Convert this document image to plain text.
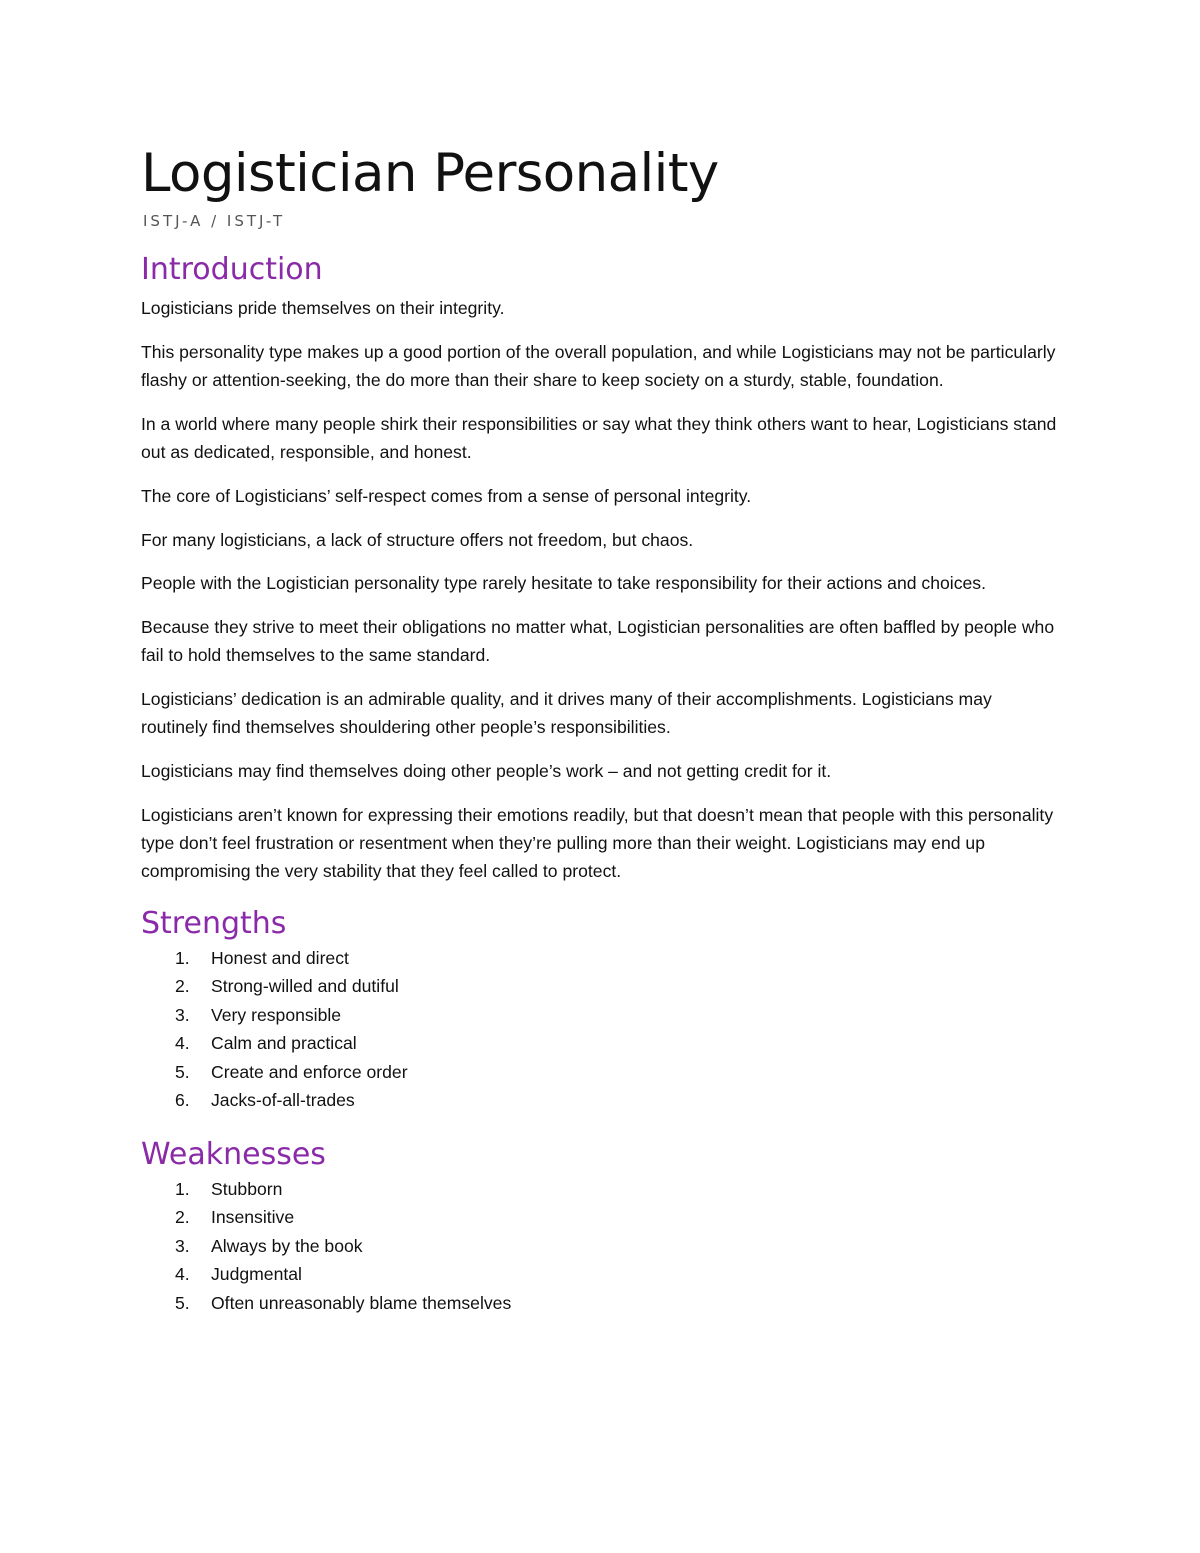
Logistician Personality
ISTJ-A / ISTJ-T
Introduction

Logisticians pride themselves on their integrity.

This personality type makes up a good portion of the overall population, and while Logisticians may not be particularly flashy or attention-seeking, the do more than their share to keep society on a sturdy, stable, foundation.

In a world where many people shirk their responsibilities or say what they think others want to hear, Logisticians stand out as dedicated, responsible, and honest.

The core of Logisticians’ self-respect comes from a sense of personal integrity.

For many logisticians, a lack of structure offers not freedom, but chaos.

People with the Logistician personality type rarely hesitate to take responsibility for their actions and choices.

Because they strive to meet their obligations no matter what, Logistician personalities are often baffled by people who fail to hold themselves to the same standard.

Logisticians’ dedication is an admirable quality, and it drives many of their accomplishments. Logisticians may routinely find themselves shouldering other people’s responsibilities.

Logisticians may find themselves doing other people’s work – and not getting credit for it.

Logisticians aren’t known for expressing their emotions readily, but that doesn’t mean that people with this personality type don’t feel frustration or resentment when they’re pulling more than their weight. Logisticians may end up compromising the very stability that they feel called to protect.

Strengths
1.	Honest and direct
2.	Strong-willed and dutiful
3.	Very responsible
4.	Calm and practical
5.	Create and enforce order
6.	Jacks-of-all-trades
Weaknesses
1.	Stubborn
2.	Insensitive
3.	Always by the book
4.	Judgmental
5.	Often unreasonably blame themselves
